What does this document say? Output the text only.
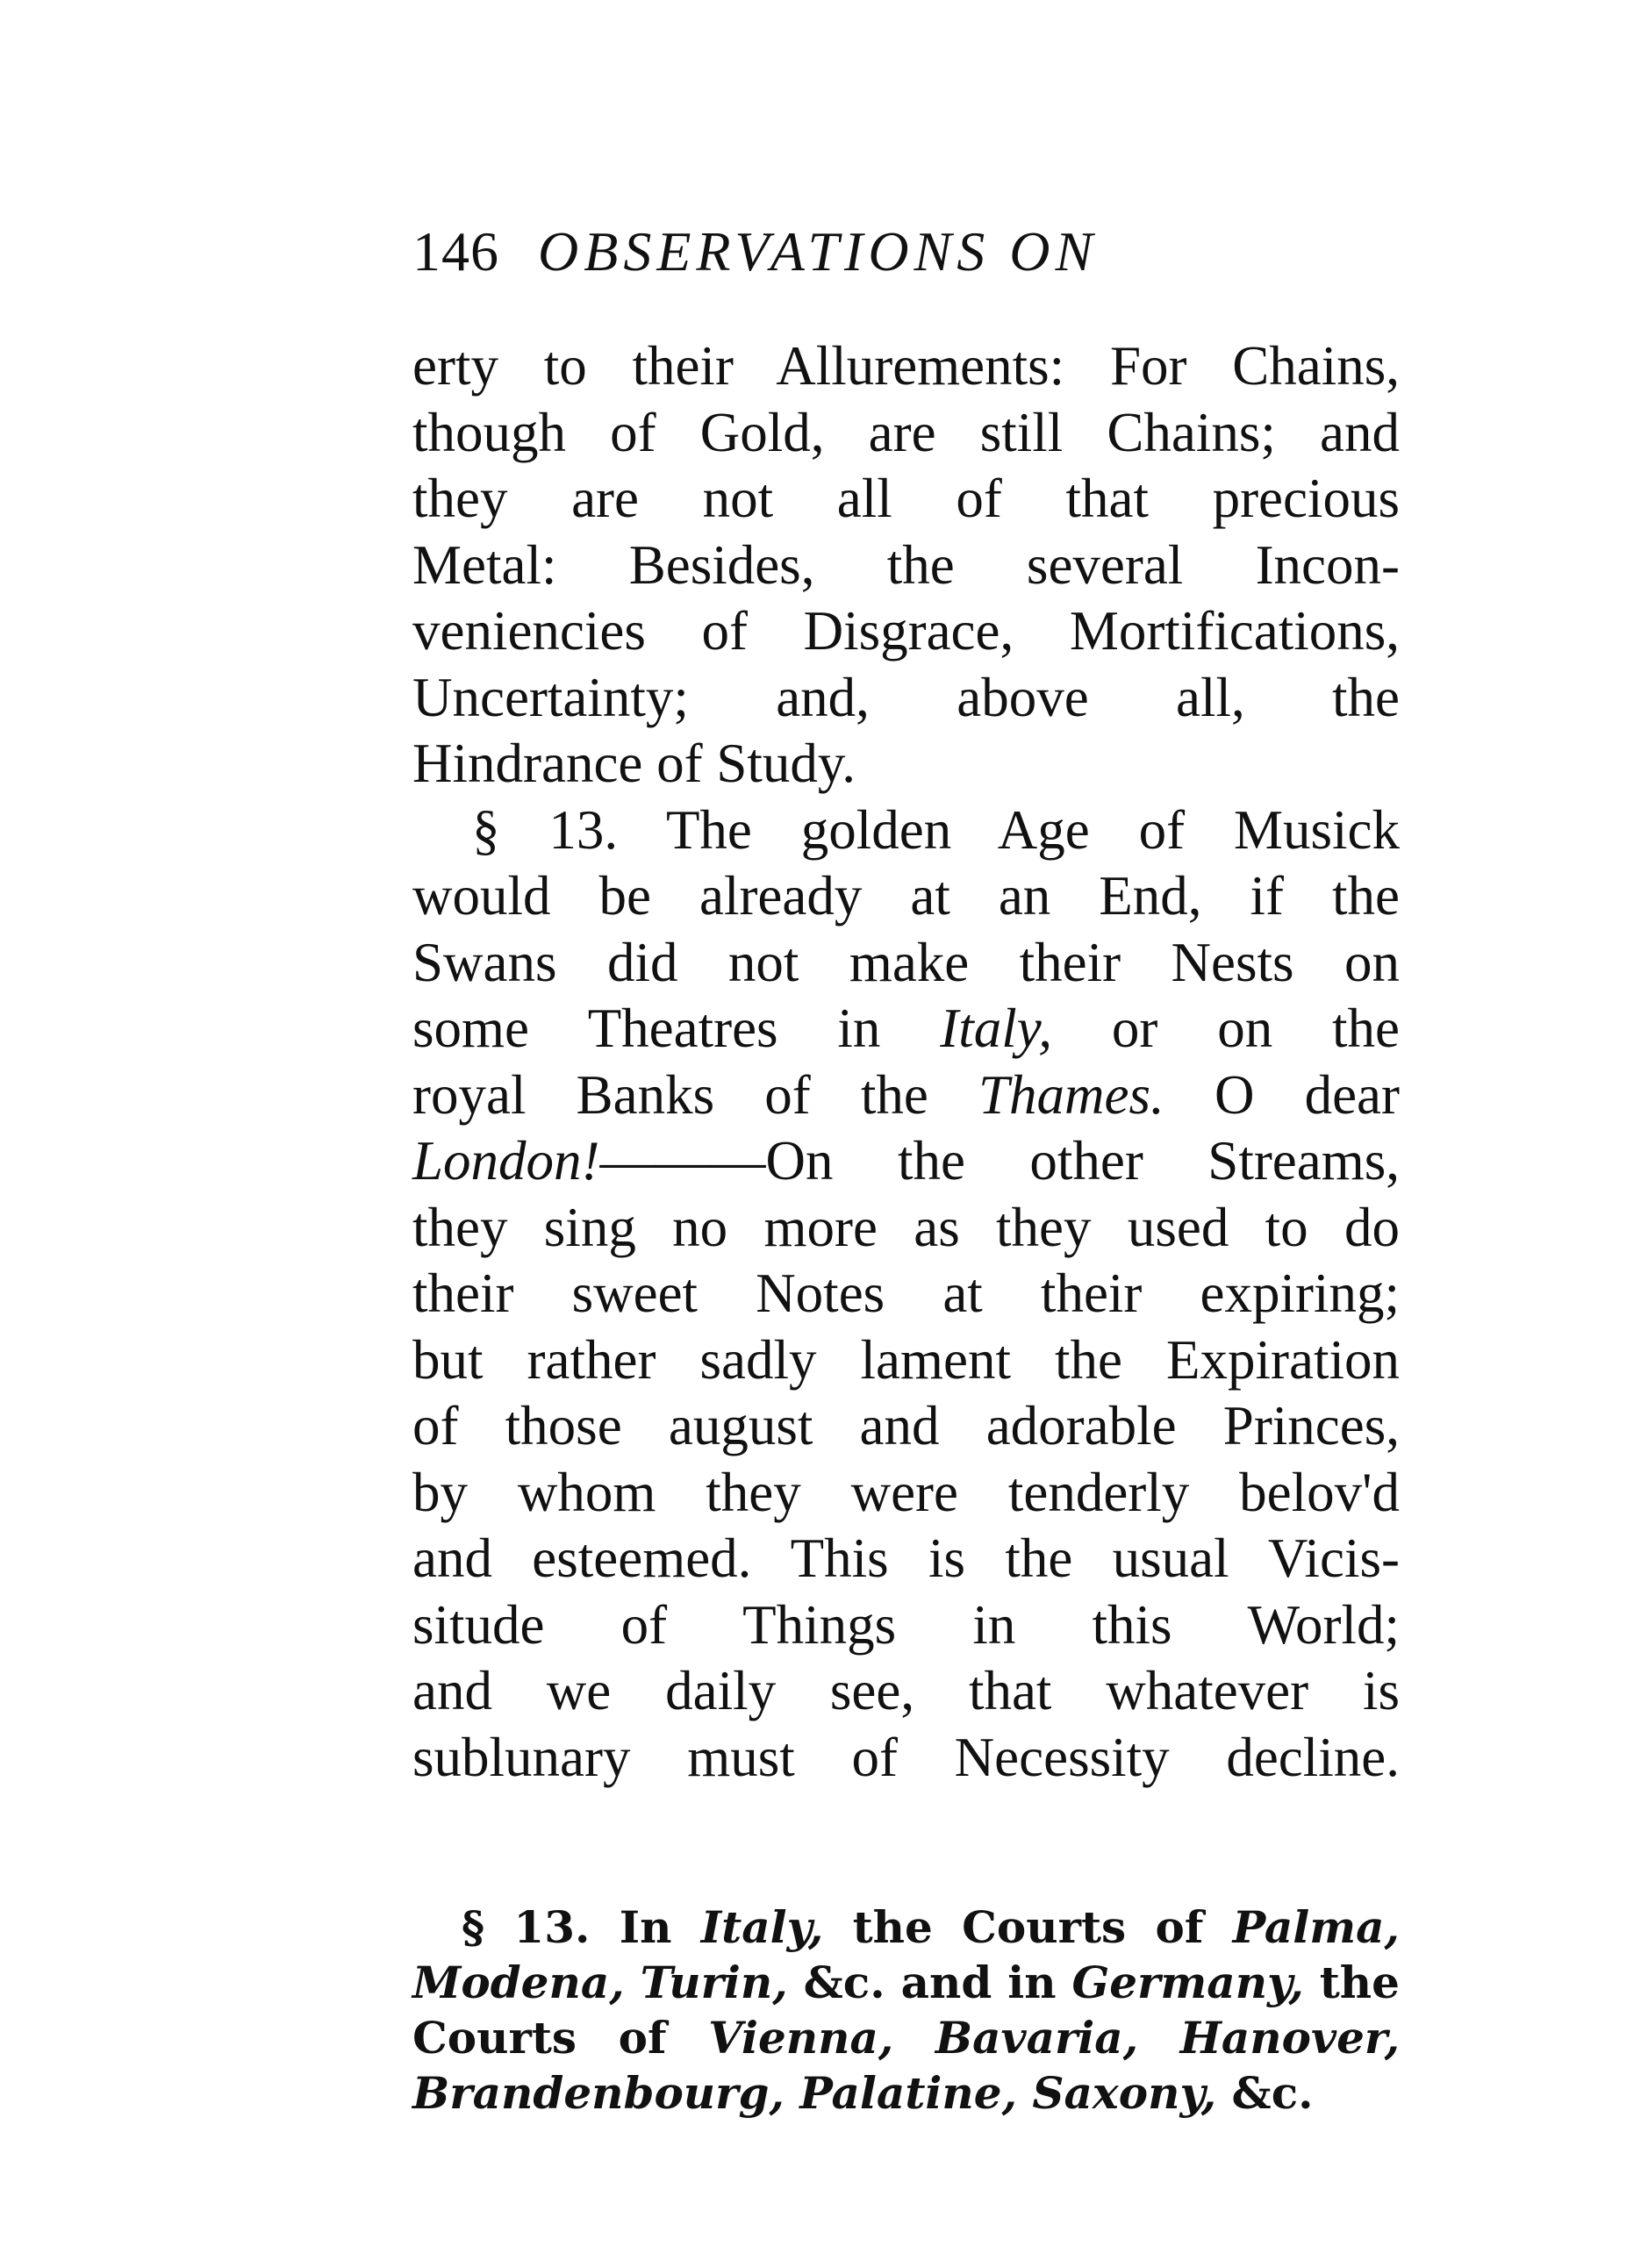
146 OBSERVATIONS ON
erty to their Allurements: For Chains,
though of Gold, are still Chains; and
they are not all of that precious
Metal: Besides, the several Incon-
veniencies of Disgrace, Mortifications,
Uncertainty; and, above all, the
Hindrance of Study.
§ 13. The golden Age of Musick
would be already at an End, if the
Swans did not make their Nests on
some Theatres in Italy, or on the
royal Banks of the Thames. O dear
London!———On the other Streams,
they sing no more as they used to do
their sweet Notes at their expiring;
but rather sadly lament the Expiration
of those august and adorable Princes,
by whom they were tenderly belov'd
and esteemed. This is the usual Vicis-
situde of Things in this World;
and we daily see, that whatever is
sublunary must of Necessity decline.
§ 13. In Italy, the Courts of Palma,
Modena, Turin, &c. and in Germany, the
Courts of Vienna, Bavaria, Hanover,
Brandenbourg, Palatine, Saxony, &c.
